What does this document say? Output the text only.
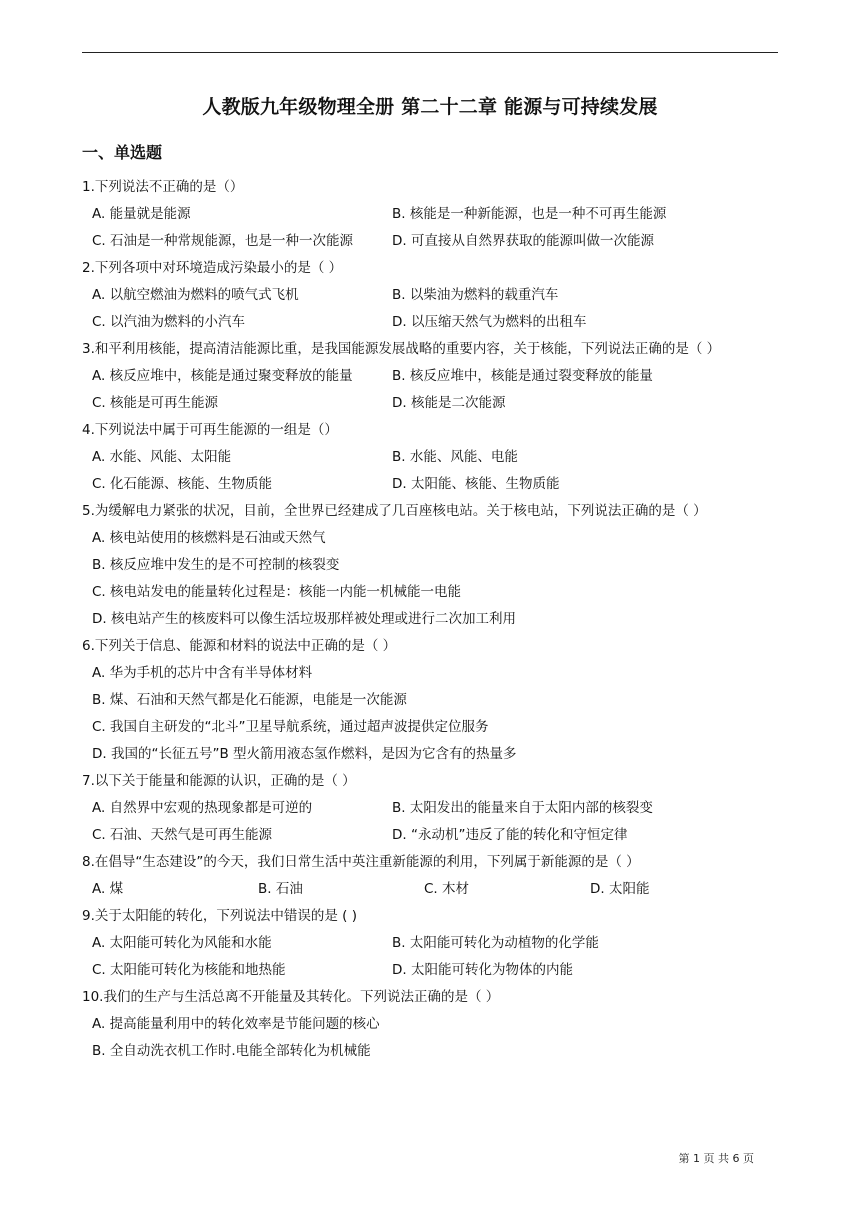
人教版九年级物理全册 第二十二章 能源与可持续发展
一、单选题
1.下列说法不正确的是（）
A. 能量就是能源	B. 核能是一种新能源，也是一种不可再生能源
C. 石油是一种常规能源，也是一种一次能源	D. 可直接从自然界获取的能源叫做一次能源
2.下列各项中对环境造成污染最小的是（ ）
A. 以航空燃油为燃料的喷气式飞机	B. 以柴油为燃料的载重汽车
C. 以汽油为燃料的小汽车	D. 以压缩天然气为燃料的出租车
3.和平利用核能，提高清洁能源比重，是我国能源发展战略的重要内容，关于核能，下列说法正确的是（ ）
A. 核反应堆中，核能是通过聚变释放的能量	B. 核反应堆中，核能是通过裂变释放的能量
C. 核能是可再生能源	D. 核能是二次能源
4.下列说法中属于可再生能源的一组是（）
A. 水能、风能、太阳能	B. 水能、风能、电能
C. 化石能源、核能、生物质能	D. 太阳能、核能、生物质能
5.为缓解电力紧张的状况，目前，全世界已经建成了几百座核电站。关于核电站，下列说法正确的是（ ）
A. 核电站使用的核燃料是石油或天然气
B. 核反应堆中发生的是不可控制的核裂变
C. 核电站发电的能量转化过程是：核能一内能一机械能一电能
D. 核电站产生的核废料可以像生活垃圾那样被处理或进行二次加工利用
6.下列关于信息、能源和材料的说法中正确的是（ ）
A. 华为手机的芯片中含有半导体材料
B. 煤、石油和天然气都是化石能源，电能是一次能源
C. 我国自主研发的“北斗”卫星导航系统，通过超声波提供定位服务
D. 我国的“长征五号”B 型火箭用液态氢作燃料，是因为它含有的热量多
7.以下关于能量和能源的认识，正确的是（ ）
A. 自然界中宏观的热现象都是可逆的	B. 太阳发出的能量来自于太阳内部的核裂变
C. 石油、天然气是可再生能源	D. “永动机”违反了能的转化和守恒定律
8.在倡导“生态建设”的今天，我们日常生活中英注重新能源的利用，下列属于新能源的是（ ）
A. 煤	B. 石油	C. 木材	D. 太阳能
9.关于太阳能的转化，下列说法中错误的是 ( )
A. 太阳能可转化为风能和水能	B. 太阳能可转化为动植物的化学能
C. 太阳能可转化为核能和地热能	D. 太阳能可转化为物体的内能
10.我们的生产与生活总离不开能量及其转化。下列说法正确的是（ ）
A. 提高能量利用中的转化效率是节能问题的核心
B. 全自动洗衣机工作时.电能全部转化为机械能
第 1 页 共 6 页
